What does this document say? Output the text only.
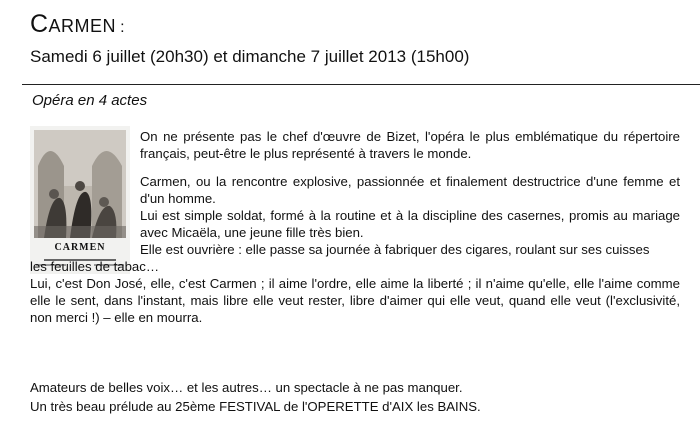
Carmen :
Samedi 6 juillet (20h30) et dimanche 7 juillet 2013 (15h00)
Opéra en 4 actes
CARMEN

On ne présente pas le chef d'œuvre de Bizet, l'opéra le plus emblématique du répertoire français, peut-être le plus représenté à travers le monde.

Carmen, ou la rencontre explosive, passionnée et finalement destructrice d'une femme et d'un homme.

Lui est simple soldat, formé à la routine et à la discipline des casernes, promis au mariage avec Micaëla, une jeune fille très bien.

Elle est ouvrière : elle passe sa journée à fabriquer des cigares, roulant sur ses cuisses

les feuilles de tabac…

Lui, c'est Don José, elle, c'est Carmen ; il aime l'ordre, elle aime la liberté ; il n'aime qu'elle, elle l'aime comme elle le sent, dans l'instant, mais libre elle veut rester, libre d'aimer qui elle veut, quand elle veut (l'exclusivité, non merci !) – elle en mourra.

Amateurs de belles voix… et les autres… un spectacle à ne pas manquer.

Un très beau prélude au 25ème FESTIVAL de l'OPERETTE d'AIX les BAINS.
